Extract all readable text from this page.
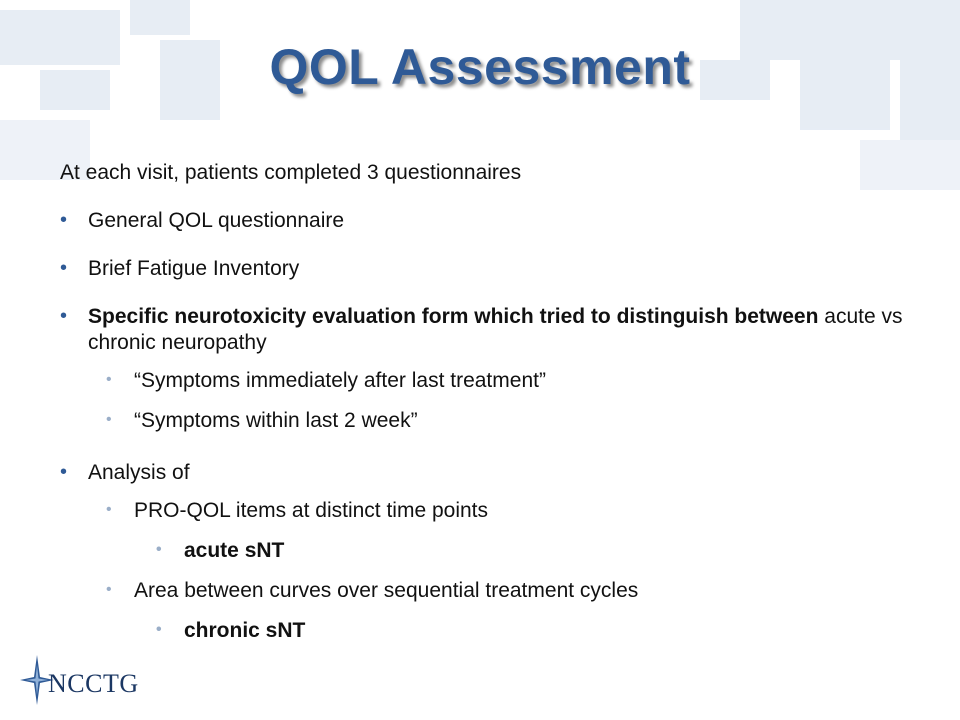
QOL Assessment
At each visit, patients completed 3 questionnaires
• General QOL questionnaire
• Brief Fatigue Inventory
• Specific neurotoxicity evaluation form which tried to distinguish between acute vs chronic neuropathy
• “Symptoms immediately after last treatment”
• “Symptoms within last 2 week”
• Analysis of
• PRO-QOL items at distinct time points
• acute sNT
• Area between curves over sequential treatment cycles
• chronic sNT
NCCTG
